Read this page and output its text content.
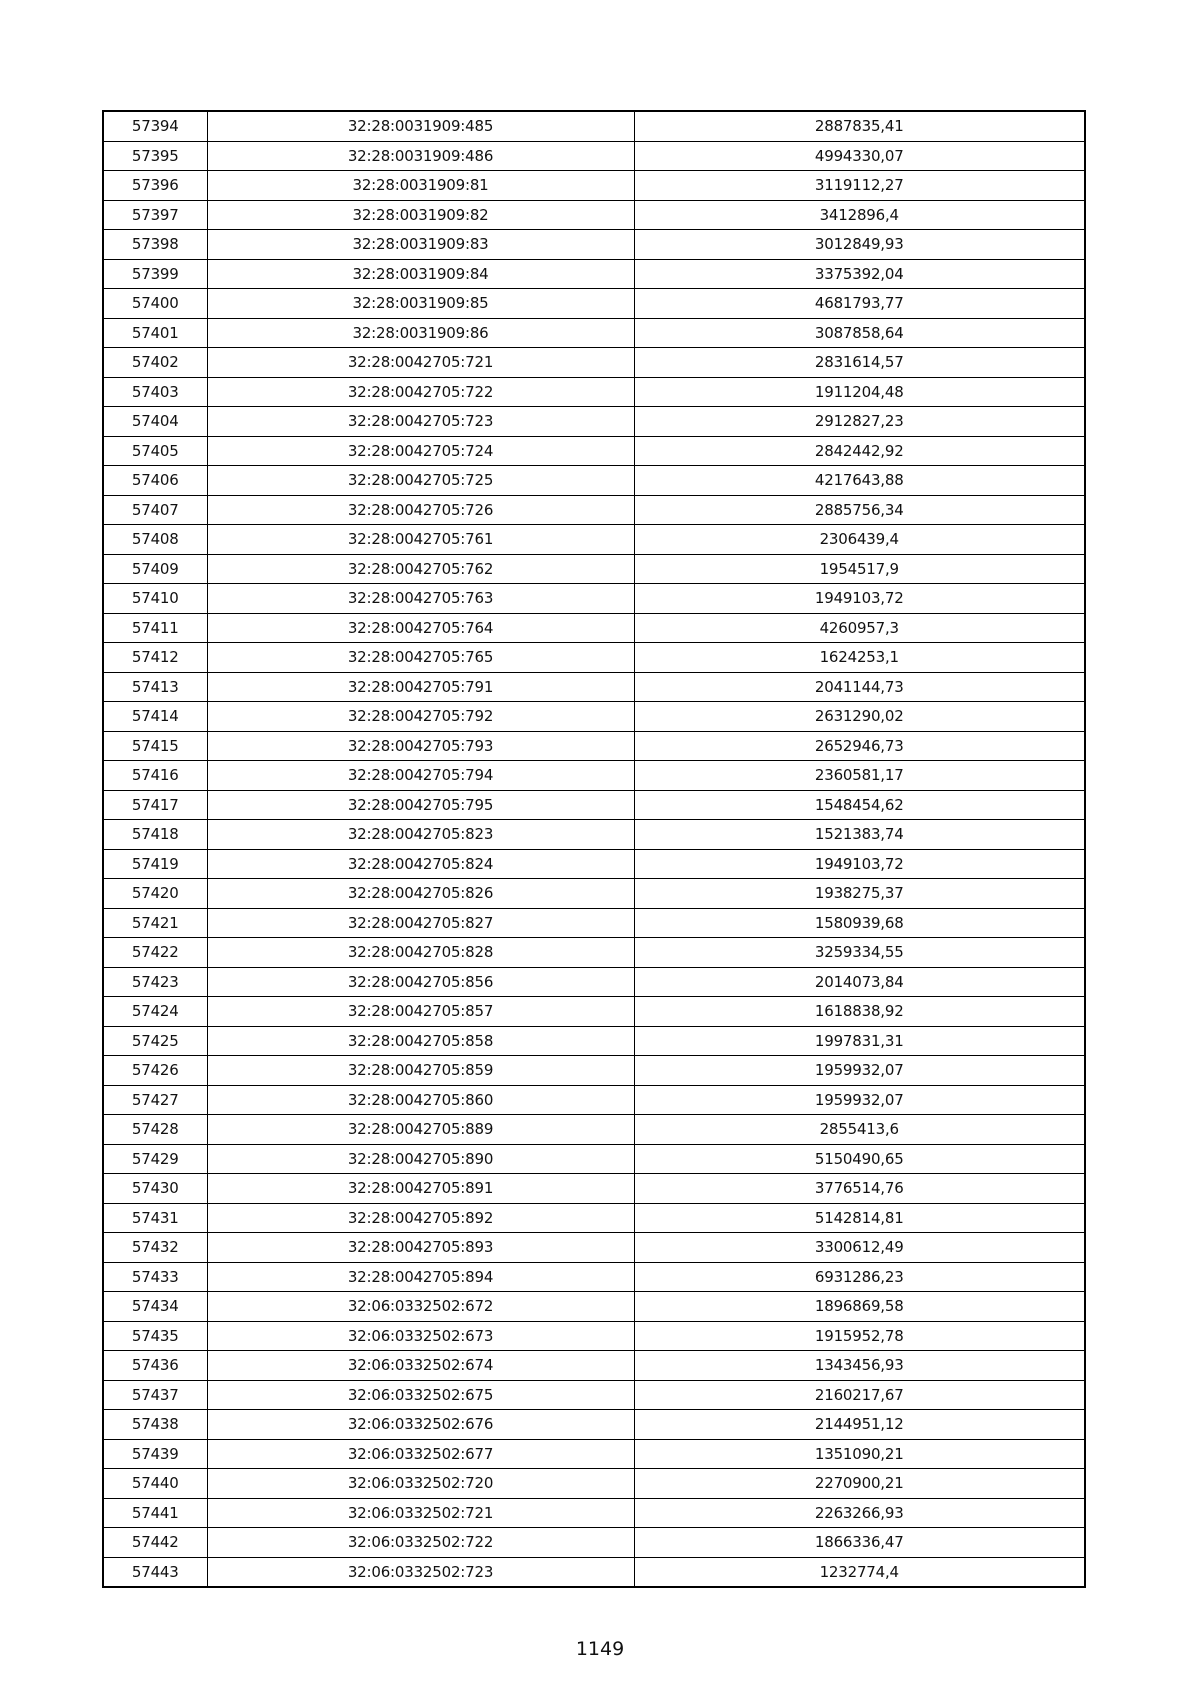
57394	32:28:0031909:485	2887835,41
57395	32:28:0031909:486	4994330,07
57396	32:28:0031909:81	3119112,27
57397	32:28:0031909:82	3412896,4
57398	32:28:0031909:83	3012849,93
57399	32:28:0031909:84	3375392,04
57400	32:28:0031909:85	4681793,77
57401	32:28:0031909:86	3087858,64
57402	32:28:0042705:721	2831614,57
57403	32:28:0042705:722	1911204,48
57404	32:28:0042705:723	2912827,23
57405	32:28:0042705:724	2842442,92
57406	32:28:0042705:725	4217643,88
57407	32:28:0042705:726	2885756,34
57408	32:28:0042705:761	2306439,4
57409	32:28:0042705:762	1954517,9
57410	32:28:0042705:763	1949103,72
57411	32:28:0042705:764	4260957,3
57412	32:28:0042705:765	1624253,1
57413	32:28:0042705:791	2041144,73
57414	32:28:0042705:792	2631290,02
57415	32:28:0042705:793	2652946,73
57416	32:28:0042705:794	2360581,17
57417	32:28:0042705:795	1548454,62
57418	32:28:0042705:823	1521383,74
57419	32:28:0042705:824	1949103,72
57420	32:28:0042705:826	1938275,37
57421	32:28:0042705:827	1580939,68
57422	32:28:0042705:828	3259334,55
57423	32:28:0042705:856	2014073,84
57424	32:28:0042705:857	1618838,92
57425	32:28:0042705:858	1997831,31
57426	32:28:0042705:859	1959932,07
57427	32:28:0042705:860	1959932,07
57428	32:28:0042705:889	2855413,6
57429	32:28:0042705:890	5150490,65
57430	32:28:0042705:891	3776514,76
57431	32:28:0042705:892	5142814,81
57432	32:28:0042705:893	3300612,49
57433	32:28:0042705:894	6931286,23
57434	32:06:0332502:672	1896869,58
57435	32:06:0332502:673	1915952,78
57436	32:06:0332502:674	1343456,93
57437	32:06:0332502:675	2160217,67
57438	32:06:0332502:676	2144951,12
57439	32:06:0332502:677	1351090,21
57440	32:06:0332502:720	2270900,21
57441	32:06:0332502:721	2263266,93
57442	32:06:0332502:722	1866336,47
57443	32:06:0332502:723	1232774,4
1149
